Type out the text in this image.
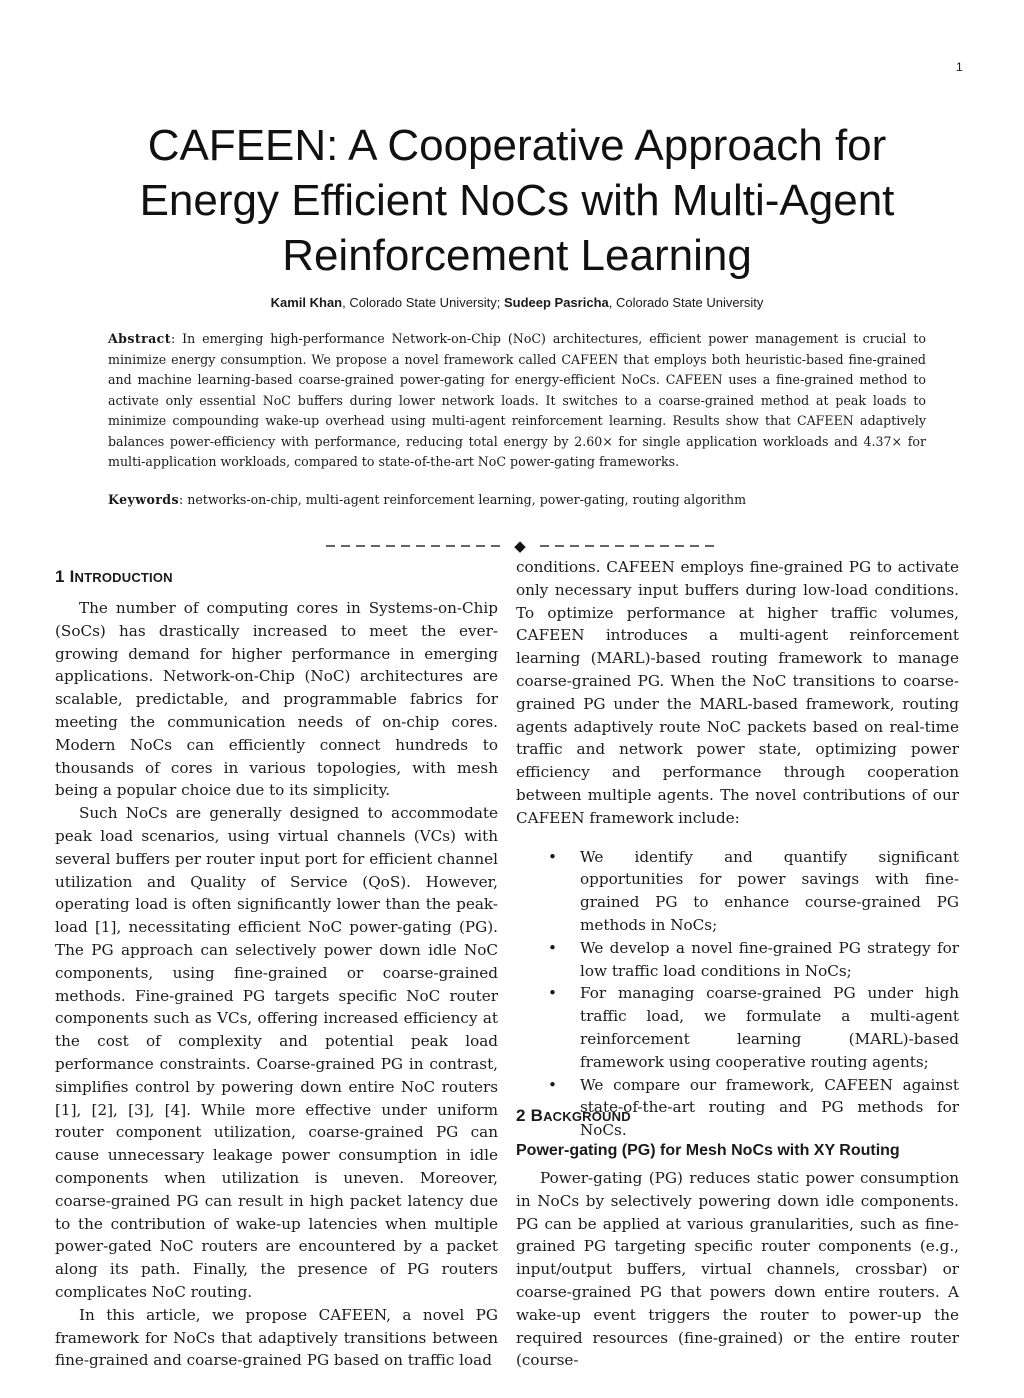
1
CAFEEN: A Cooperative Approach for
Energy Efficient NoCs with Multi-Agent
Reinforcement Learning
Kamil Khan, Colorado State University; Sudeep Pasricha, Colorado State University
Abstract: In emerging high-performance Network-on-Chip (NoC) architectures, efficient power management is crucial to minimize energy consumption. We propose a novel framework called CAFEEN that employs both heuristic-based fine-grained and machine learning-based coarse-grained power-gating for energy-efficient NoCs. CAFEEN uses a fine-grained method to activate only essential NoC buffers during lower network loads. It switches to a coarse-grained method at peak loads to minimize compounding wake-up overhead using multi-agent reinforcement learning. Results show that CAFEEN adaptively balances power-efficiency with performance, reducing total energy by 2.60× for single application workloads and 4.37× for multi-application workloads, compared to state-of-the-art NoC power-gating frameworks.
Keywords: networks-on-chip, multi-agent reinforcement learning, power-gating, routing algorithm
◆
1 INTRODUCTION

The number of computing cores in Systems-on-Chip (SoCs) has drastically increased to meet the ever-growing demand for higher performance in emerging applications. Network-on-Chip (NoC) architectures are scalable, predictable, and programmable fabrics for meeting the communication needs of on-chip cores. Modern NoCs can efficiently connect hundreds to thousands of cores in various topologies, with mesh being a popular choice due to its simplicity.

Such NoCs are generally designed to accommodate peak load scenarios, using virtual channels (VCs) with several buffers per router input port for efficient channel utilization and Quality of Service (QoS). However, operating load is often significantly lower than the peak-load [1], necessitating efficient NoC power-gating (PG). The PG approach can selectively power down idle NoC components, using fine-grained or coarse-grained methods. Fine-grained PG targets specific NoC router components such as VCs, offering increased efficiency at the cost of complexity and potential peak load performance constraints. Coarse-grained PG in contrast, simplifies control by powering down entire NoC routers [1], [2], [3], [4]. While more effective under uniform router component utilization, coarse-grained PG can cause unnecessary leakage power consumption in idle components when utilization is uneven. Moreover, coarse-grained PG can result in high packet latency due to the contribution of wake-up latencies when multiple power-gated NoC routers are encountered by a packet along its path. Finally, the presence of PG routers complicates NoC routing.

In this article, we propose CAFEEN, a novel PG framework for NoCs that adaptively transitions between fine-grained and coarse-grained PG based on traffic load

conditions. CAFEEN employs fine-grained PG to activate only necessary input buffers during low-load conditions. To optimize performance at higher traffic volumes, CAFEEN introduces a multi-agent reinforcement learning (MARL)-based routing framework to manage coarse-grained PG. When the NoC transitions to coarse-grained PG under the MARL-based framework, routing agents adaptively route NoC packets based on real-time traffic and network power state, optimizing power efficiency and performance through cooperation between multiple agents. The novel contributions of our CAFEEN framework include:

• We identify and quantify significant opportunities for power savings with fine-grained PG to enhance course-grained PG methods in NoCs;
• We develop a novel fine-grained PG strategy for low traffic load conditions in NoCs;
• For managing coarse-grained PG under high traffic load, we formulate a multi-agent reinforcement learning (MARL)-based framework using cooperative routing agents;
• We compare our framework, CAFEEN against state-of-the-art routing and PG methods for NoCs.
2 BACKGROUND
Power-gating (PG) for Mesh NoCs with XY Routing

Power-gating (PG) reduces static power consumption in NoCs by selectively powering down idle components. PG can be applied at various granularities, such as fine-grained PG targeting specific router components (e.g., input/output buffers, virtual channels, crossbar) or coarse-grained PG that powers down entire routers. A wake-up event triggers the router to power-up the required resources (fine-grained) or the entire router (course-
